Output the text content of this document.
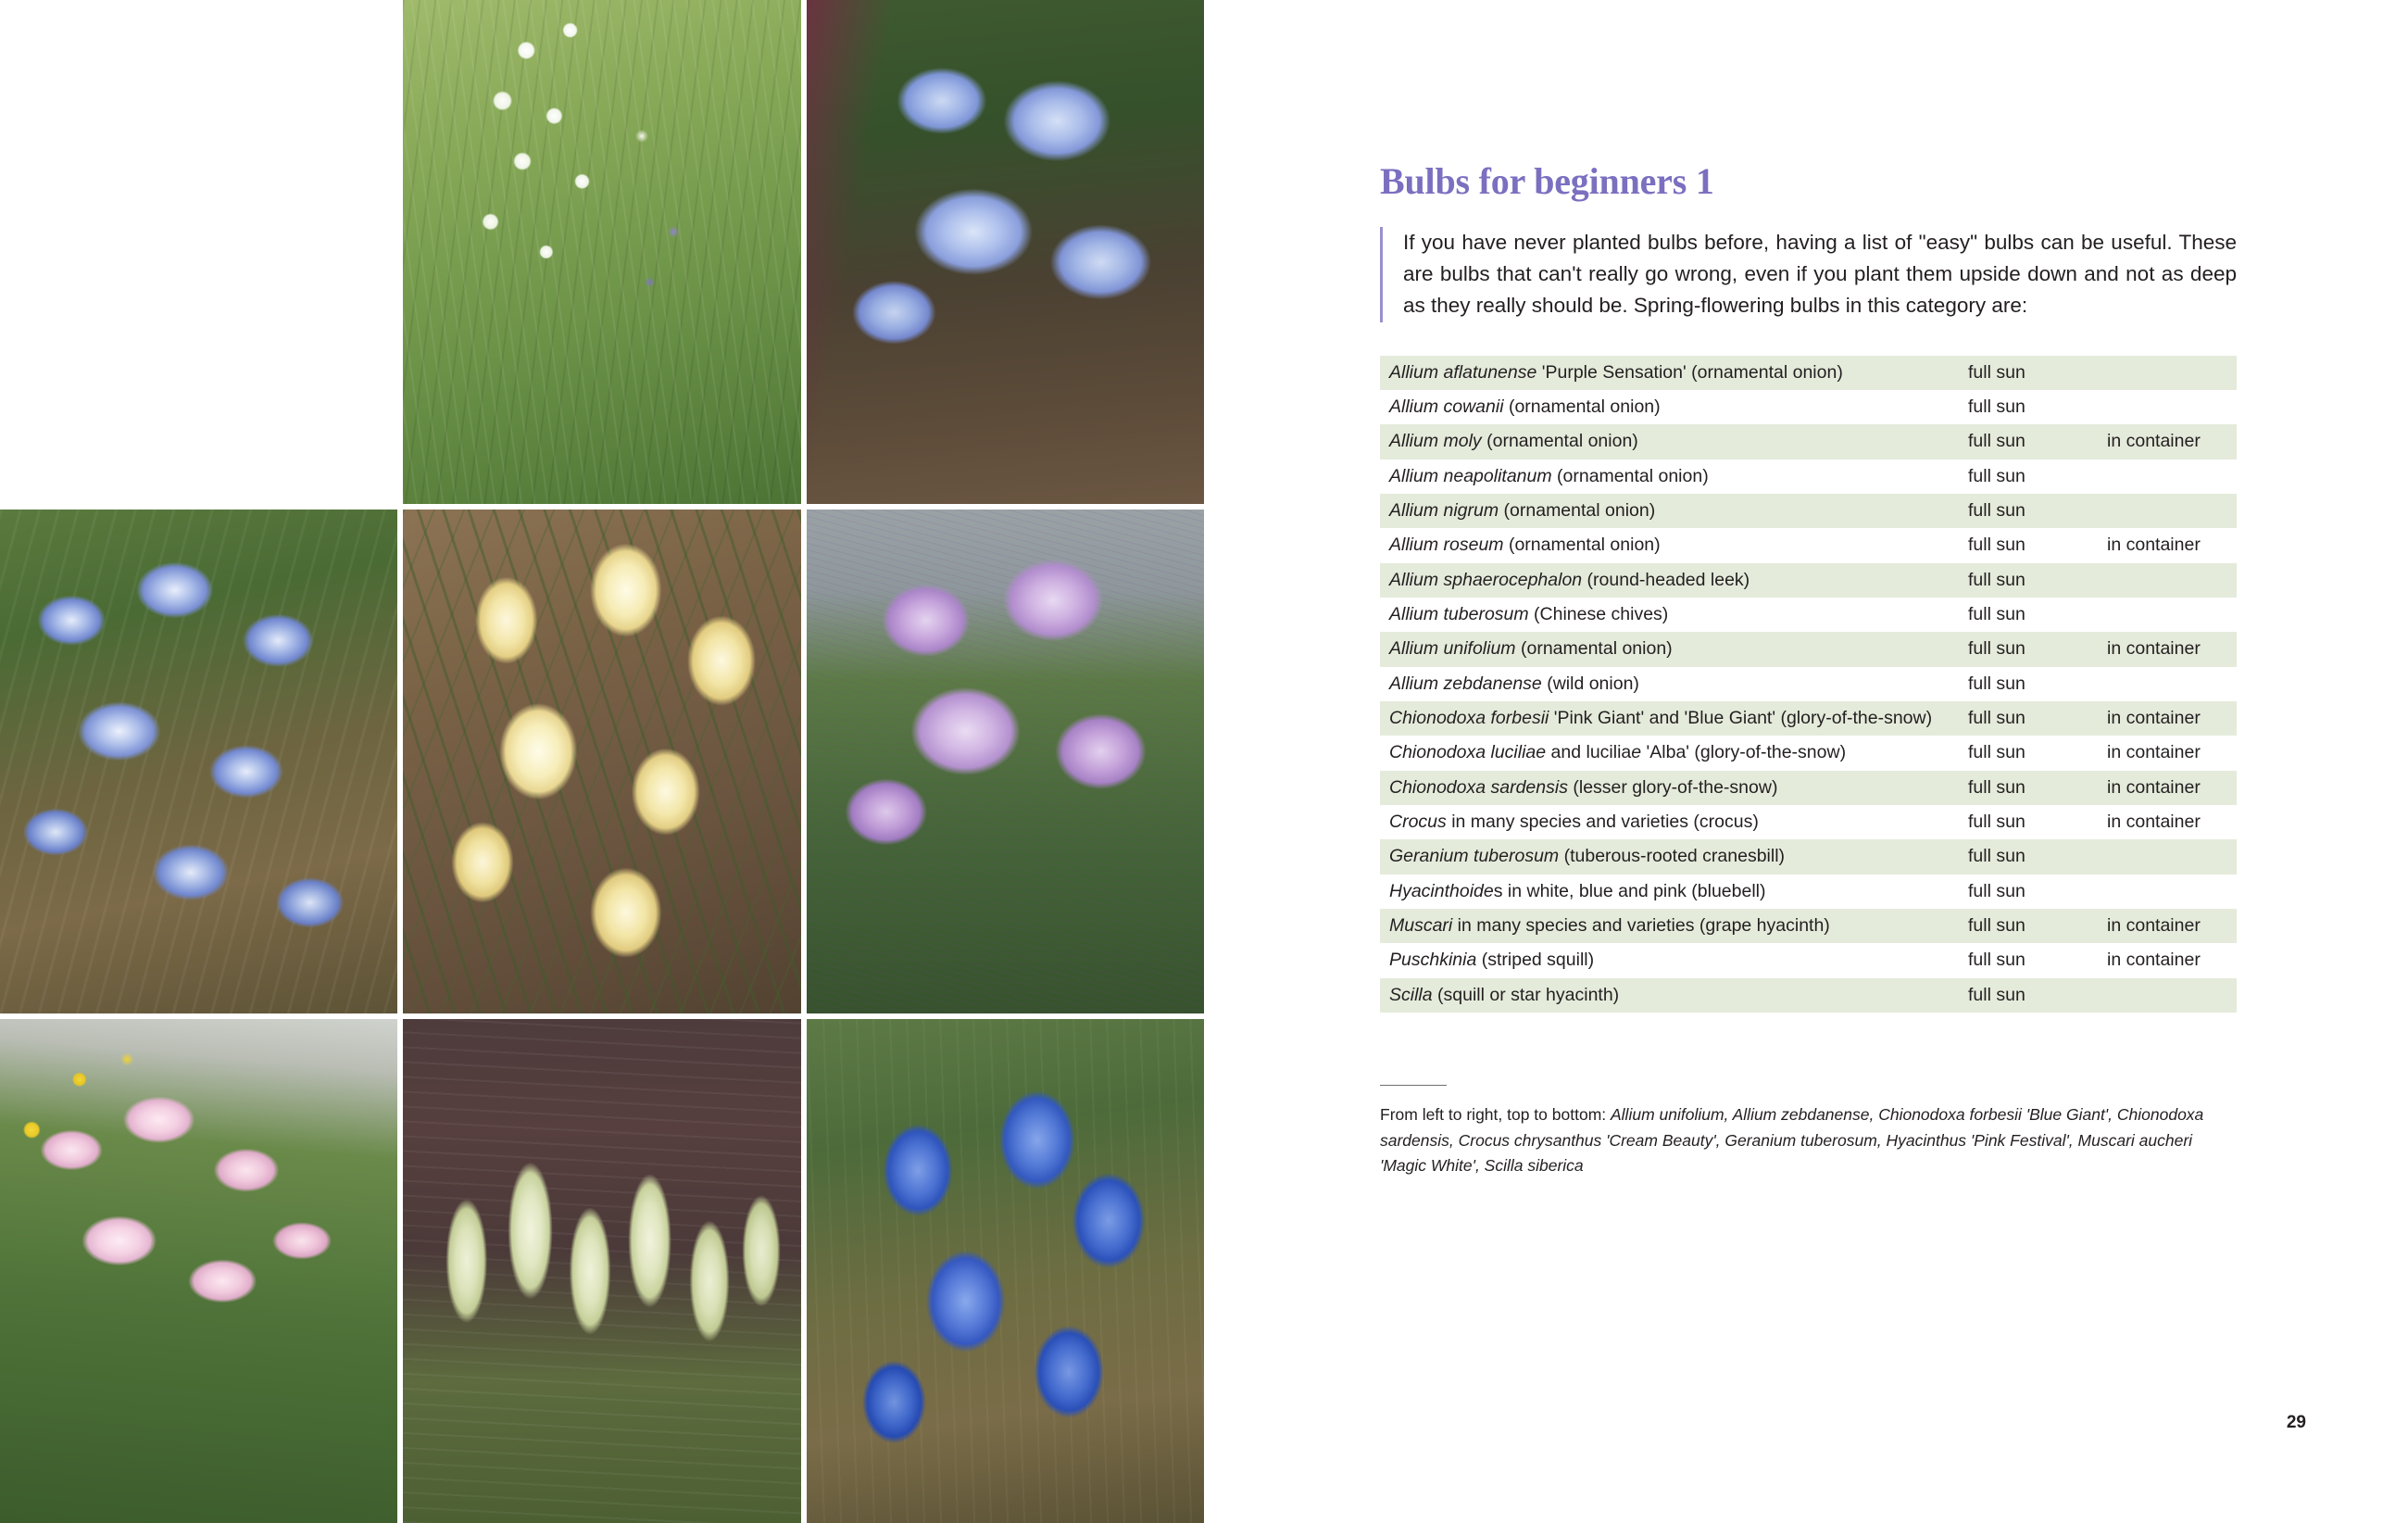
Bulbs for beginners 1

If you have never planted bulbs before, having a list of "easy" bulbs can be useful. These are bulbs that can't really go wrong, even if you plant them upside down and not as deep as they really should be. Spring-flowering bulbs in this category are:

Allium aflatunense 'Purple Sensation' (ornamental onion)	full sun	
Allium cowanii (ornamental onion)	full sun	
Allium moly (ornamental onion)	full sun	in container
Allium neapolitanum (ornamental onion)	full sun	
Allium nigrum (ornamental onion)	full sun	
Allium roseum (ornamental onion)	full sun	in container
Allium sphaerocephalon (round-headed leek)	full sun	
Allium tuberosum (Chinese chives)	full sun	
Allium unifolium (ornamental onion)	full sun	in container
Allium zebdanense (wild onion)	full sun	
Chionodoxa forbesii 'Pink Giant' and 'Blue Giant' (glory-of-the-snow)	full sun	in container
Chionodoxa luciliae and luciliae 'Alba' (glory-of-the-snow)	full sun	in container
Chionodoxa sardensis (lesser glory-of-the-snow)	full sun	in container
Crocus in many species and varieties (crocus)	full sun	in container
Geranium tuberosum (tuberous-rooted cranesbill)	full sun	
Hyacinthoides in white, blue and pink (bluebell)	full sun	
Muscari in many species and varieties (grape hyacinth)	full sun	in container
Puschkinia (striped squill)	full sun	in container
Scilla (squill or star hyacinth)	full sun	

From left to right, top to bottom: Allium unifolium, Allium zebdanense, Chionodoxa forbesii 'Blue Giant', Chionodoxa sardensis, Crocus chrysanthus 'Cream Beauty', Geranium tuberosum, Hyacinthus 'Pink Festival', Muscari aucheri 'Magic White', Scilla siberica

29
